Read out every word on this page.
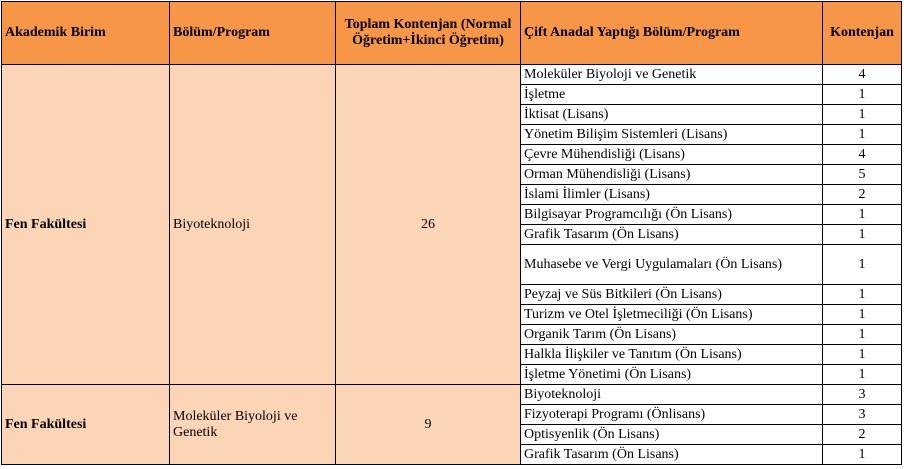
Akademik Birim	Bölüm/Program	Toplam Kontenjan (Normal Öğretim+İkinci Öğretim)	Çift Anadal Yaptığı Bölüm/Program	Kontenjan
Fen Fakültesi	Biyoteknoloji	26	Moleküler Biyoloji ve Genetik	4
			İşletme	1
			İktisat (Lisans)	1
			Yönetim Bilişim Sistemleri (Lisans)	1
			Çevre Mühendisliği (Lisans)	4
			Orman Mühendisliği (Lisans)	5
			İslami İlimler (Lisans)	2
			Bilgisayar Programcılığı (Ön Lisans)	1
			Grafik Tasarım (Ön Lisans)	1
			Muhasebe ve Vergi Uygulamaları (Ön Lisans)	1
			Peyzaj ve Süs Bitkileri (Ön Lisans)	1
			Turizm ve Otel İşletmeciliği (Ön Lisans)	1
			Organik Tarım (Ön Lisans)	1
			Halkla İlişkiler ve Tanıtım (Ön Lisans)	1
			İşletme Yönetimi (Ön Lisans)	1
Fen Fakültesi	Moleküler Biyoloji ve Genetik	9	Biyoteknoloji	3
			Fizyoterapi Programı (Önlisans)	3
			Optisyenlik (Ön Lisans)	2
			Grafik Tasarım (Ön Lisans)	1
